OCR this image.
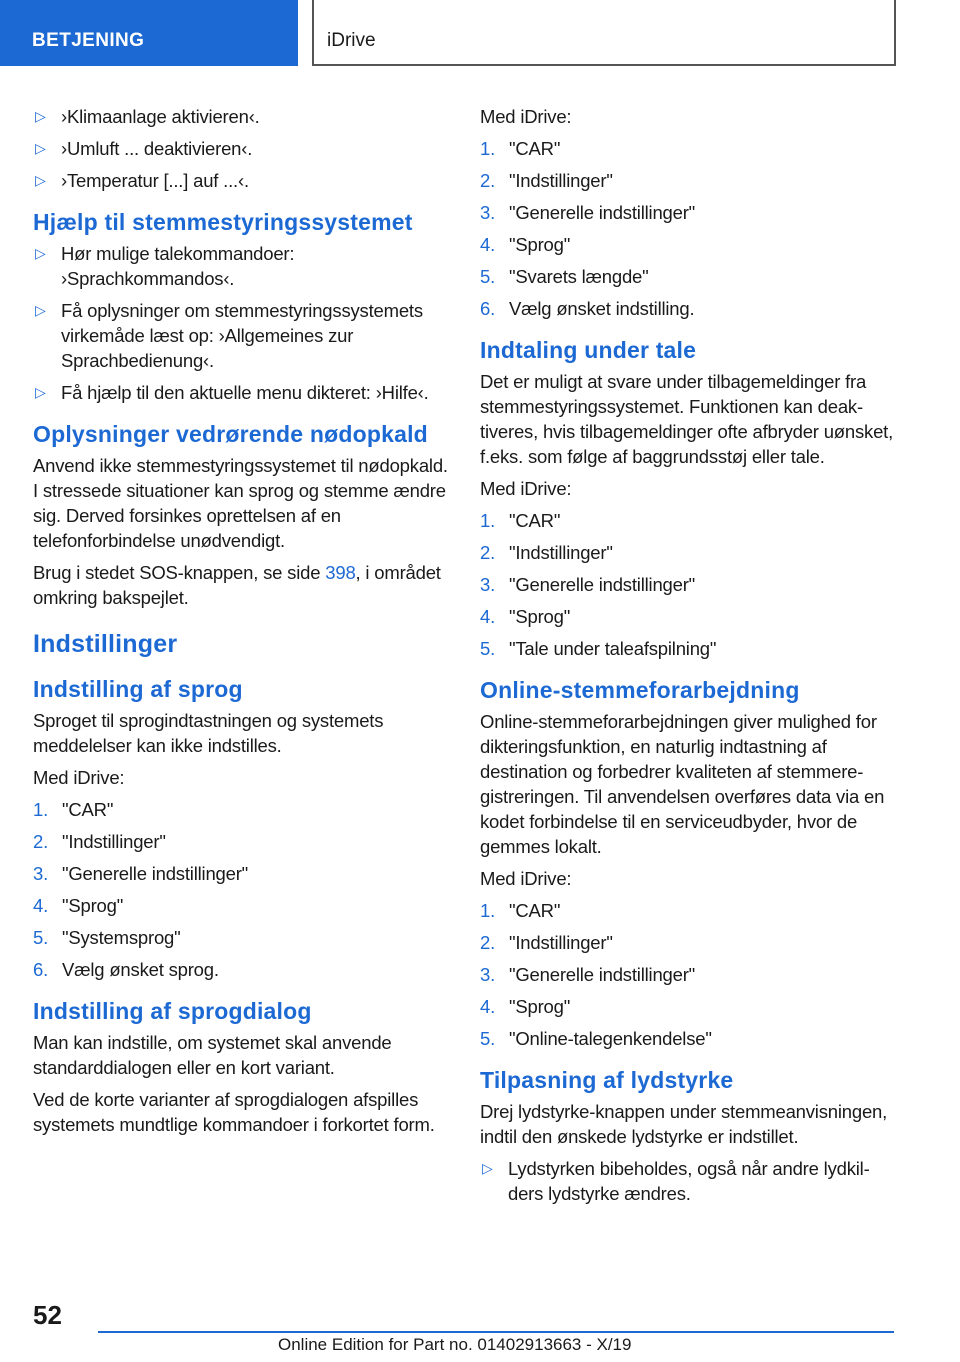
BETJENING	iDrive
▷ ›Klimaanlage aktivieren‹.
▷ ›Umluft ... deaktivieren‹.
▷ ›Temperatur [...] auf ...‹.
Hjælp til stemmestyringssystemet
▷ Hør mulige talekommandoer: ›Sprachkommandos‹.
▷ Få oplysninger om stemmestyringssystemets virkemåde læst op: ›Allgemeines zur Sprachbedienung‹.
▷ Få hjælp til den aktuelle menu dikteret: ›Hilfe‹.
Oplysninger vedrørende nødopkald
Anvend ikke stemmestyringssystemet til nødopkald. I stressede situationer kan sprog og stemme ændre sig. Derved forsinkes oprettelsen af en telefonforbindelse unødvendigt.
Brug i stedet SOS-knappen, se side 398, i området omkring bakspejlet.
Indstillinger
Indstilling af sprog
Sproget til sprogindtastningen og systemets meddelelser kan ikke indstilles.
Med iDrive:
1. "CAR"
2. "Indstillinger"
3. "Generelle indstillinger"
4. "Sprog"
5. "Systemsprog"
6. Vælg ønsket sprog.
Indstilling af sprogdialog
Man kan indstille, om systemet skal anvende standarddialogen eller en kort variant.
Ved de korte varianter af sprogdialogen afspilles systemets mundtlige kommandoer i forkortet form.
Med iDrive:
1. "CAR"
2. "Indstillinger"
3. "Generelle indstillinger"
4. "Sprog"
5. "Svarets længde"
6. Vælg ønsket indstilling.
Indtaling under tale
Det er muligt at svare under tilbagemeldinger fra stemmestyringssystemet. Funktionen kan deaktiveres, hvis tilbagemeldinger ofte afbryder uønsket, f.eks. som følge af baggrundsstøj eller tale.
Med iDrive:
1. "CAR"
2. "Indstillinger"
3. "Generelle indstillinger"
4. "Sprog"
5. "Tale under taleafspilning"
Online-stemmeforarbejdning
Online-stemmeforarbejdningen giver mulighed for dikteringsfunktion, en naturlig indtastning af destination og forbedrer kvaliteten af stemmeregistreringen. Til anvendelsen overføres data via en kodet forbindelse til en serviceudbyder, hvor de gemmes lokalt.
Med iDrive:
1. "CAR"
2. "Indstillinger"
3. "Generelle indstillinger"
4. "Sprog"
5. "Online-talegenkendelse"
Tilpasning af lydstyrke
Drej lydstyrke-knappen under stemmeanvisningen, indtil den ønskede lydstyrke er indstillet.
▷ Lydstyrken bibeholdes, også når andre lydkilders lydstyrke ændres.
52
Online Edition for Part no. 01402913663 - X/19
